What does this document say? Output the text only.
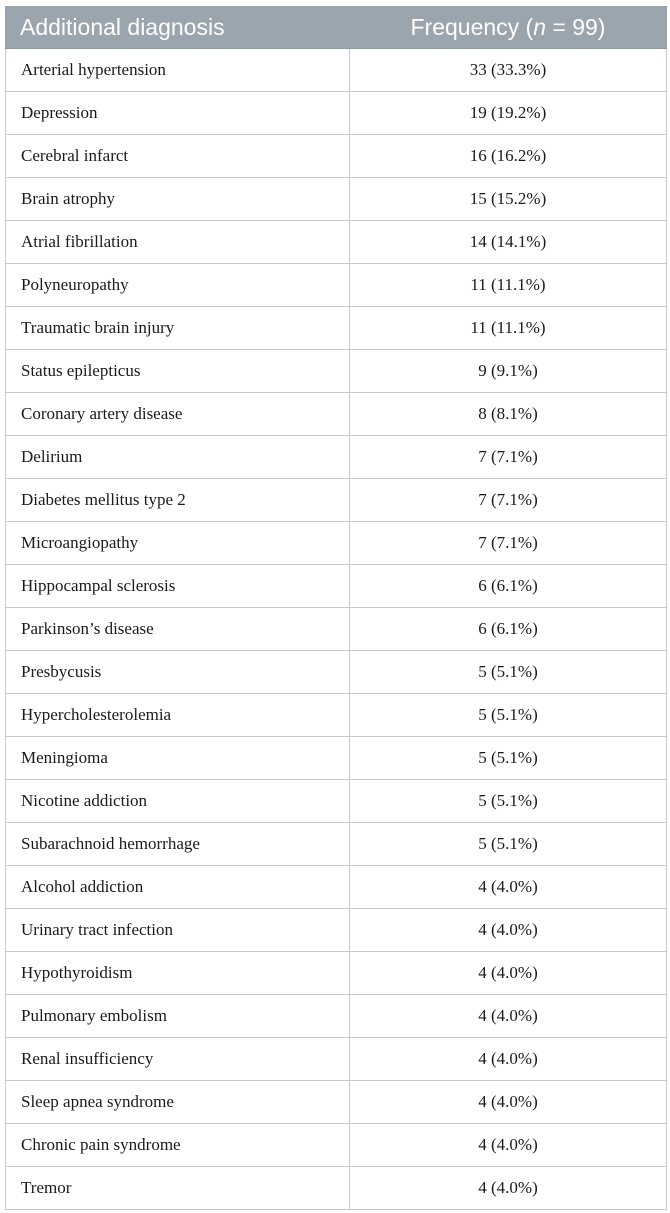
Additional diagnosis	Frequency (n = 99)
Arterial hypertension	33 (33.3%)
Depression	19 (19.2%)
Cerebral infarct	16 (16.2%)
Brain atrophy	15 (15.2%)
Atrial fibrillation	14 (14.1%)
Polyneuropathy	11 (11.1%)
Traumatic brain injury	11 (11.1%)
Status epilepticus	9 (9.1%)
Coronary artery disease	8 (8.1%)
Delirium	7 (7.1%)
Diabetes mellitus type 2	7 (7.1%)
Microangiopathy	7 (7.1%)
Hippocampal sclerosis	6 (6.1%)
Parkinson’s disease	6 (6.1%)
Presbycusis	5 (5.1%)
Hypercholesterolemia	5 (5.1%)
Meningioma	5 (5.1%)
Nicotine addiction	5 (5.1%)
Subarachnoid hemorrhage	5 (5.1%)
Alcohol addiction	4 (4.0%)
Urinary tract infection	4 (4.0%)
Hypothyroidism	4 (4.0%)
Pulmonary embolism	4 (4.0%)
Renal insufficiency	4 (4.0%)
Sleep apnea syndrome	4 (4.0%)
Chronic pain syndrome	4 (4.0%)
Tremor	4 (4.0%)
